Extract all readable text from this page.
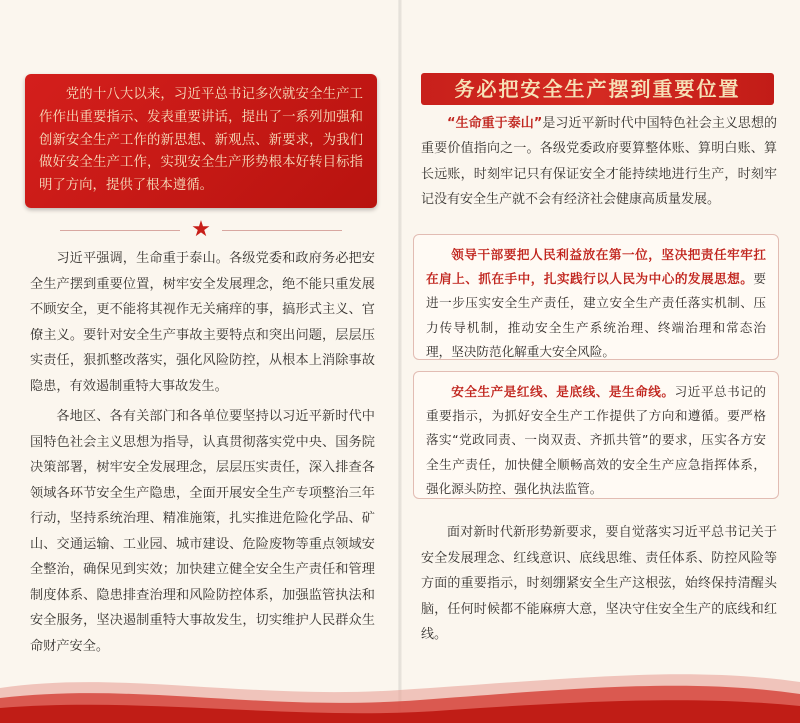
党的十八大以来，习近平总书记多次就安全生产工作作出重要指示、发表重要讲话，提出了一系列加强和创新安全生产工作的新思想、新观点、新要求，为我们做好安全生产工作，实现安全生产形势根本好转目标指明了方向，提供了根本遵循。
★
习近平强调，生命重于泰山。各级党委和政府务必把安全生产摆到重要位置，树牢安全发展理念，绝不能只重发展不顾安全，更不能将其视作无关痛痒的事，搞形式主义、官僚主义。要针对安全生产事故主要特点和突出问题，层层压实责任，狠抓整改落实，强化风险防控，从根本上消除事故隐患，有效遏制重特大事故发生。
各地区、各有关部门和各单位要坚持以习近平新时代中国特色社会主义思想为指导，认真贯彻落实党中央、国务院决策部署，树牢安全发展理念，层层压实责任，深入排查各领域各环节安全生产隐患，全面开展安全生产专项整治三年行动，坚持系统治理、精准施策，扎实推进危险化学品、矿山、交通运输、工业园、城市建设、危险废物等重点领域安全整治，确保见到实效；加快建立健全安全生产责任和管理制度体系、隐患排查治理和风险防控体系，加强监管执法和安全服务，坚决遏制重特大事故发生，切实维护人民群众生命财产安全。
务必把安全生产摆到重要位置
“生命重于泰山”是习近平新时代中国特色社会主义思想的重要价值指向之一。各级党委政府要算整体账、算明白账、算长远账，时刻牢记只有保证安全才能持续地进行生产，时刻牢记没有安全生产就不会有经济社会健康高质量发展。
领导干部要把人民利益放在第一位，坚决把责任牢牢扛在肩上、抓在手中，扎实践行以人民为中心的发展思想。要进一步压实安全生产责任，建立安全生产责任落实机制、压力传导机制，推动安全生产系统治理、终端治理和常态治理，坚决防范化解重大安全风险。
安全生产是红线、是底线、是生命线。习近平总书记的重要指示，为抓好安全生产工作提供了方向和遵循。要严格落实“党政同责、一岗双责、齐抓共管”的要求，压实各方安全生产责任，加快健全顺畅高效的安全生产应急指挥体系，强化源头防控、强化执法监管。
面对新时代新形势新要求，要自觉落实习近平总书记关于安全发展理念、红线意识、底线思维、责任体系、防控风险等方面的重要指示，时刻绷紧安全生产这根弦，始终保持清醒头脑，任何时候都不能麻痹大意，坚决守住安全生产的底线和红线。
